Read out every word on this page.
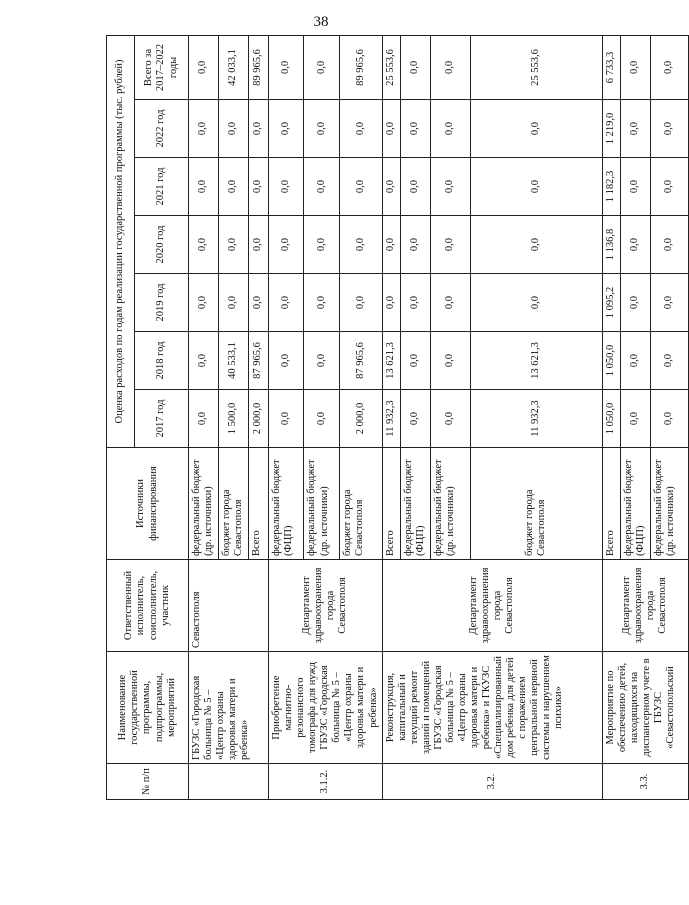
38
№ п/п	Наименование государственной программы, подпрограммы, мероприятий	Ответственный исполнитель, соисполнитель, участник	Источники финансирования	Оценка расходов по годам реализации государственной программы (тыс. рублей)						
				2017 год	2018 год	2019 год	2020 год	2021 год	2022 год	Всего за 2017–2022 годы
	ГБУЗС «Городская больница № 5 – «Центр охраны здоровья матери и ребенка»	Севастополя	федеральный бюджет (др. источники)	0,0	0,0	0,0	0,0	0,0	0,0	0,0
			бюджет города Севастополя	1 500,0	40 533,1	0,0	0,0	0,0	0,0	42 033,1
			Всего	2 000,0	87 965,6	0,0	0,0	0,0	0,0	89 965,6
3.1.2.	Приобретение магнитно-резонансного томографа для нужд ГБУЗС «Городская больница № 5 – «Центр охраны здоровья матери и ребенка»	Департамент здравоохранения города Севастополя	федеральный бюджет (ФЦП)	0,0	0,0	0,0	0,0	0,0	0,0	0,0
			федеральный бюджет (др. источники)	0,0	0,0	0,0	0,0	0,0	0,0	0,0
			бюджет города Севастополя	2 000,0	87 965,6	0,0	0,0	0,0	0,0	89 965,6
3.2.	Реконструкция, капитальный и текущий ремонт зданий и помещений ГБУЗС «Городская больница № 5 – «Центр охраны здоровья матери и ребенка» и ГКУЗС «Специализированный дом ребенка для детей с поражением центральной нервной системы и нарушением психики»	Департамент здравоохранения города Севастополя	Всего	11 932,3	13 621,3	0,0	0,0	0,0	0,0	25 553,6
			федеральный бюджет (ФЦП)	0,0	0,0	0,0	0,0	0,0	0,0	0,0
			федеральный бюджет (др. источники)	0,0	0,0	0,0	0,0	0,0	0,0	0,0
			бюджет города Севастополя	11 932,3	13 621,3	0,0	0,0	0,0	0,0	25 553,6
3.3.	Мероприятие по обеспечению детей, находящихся на диспансерном учете в ГБУЗС «Севастопольский	Департамент здравоохранения города Севастополя	Всего	1 050,0	1 050,0	1 095,2	1 136,8	1 182,3	1 219,0	6 733,3
			федеральный бюджет (ФЦП)	0,0	0,0	0,0	0,0	0,0	0,0	0,0
			федеральный бюджет (др. источники)	0,0	0,0	0,0	0,0	0,0	0,0	0,0
